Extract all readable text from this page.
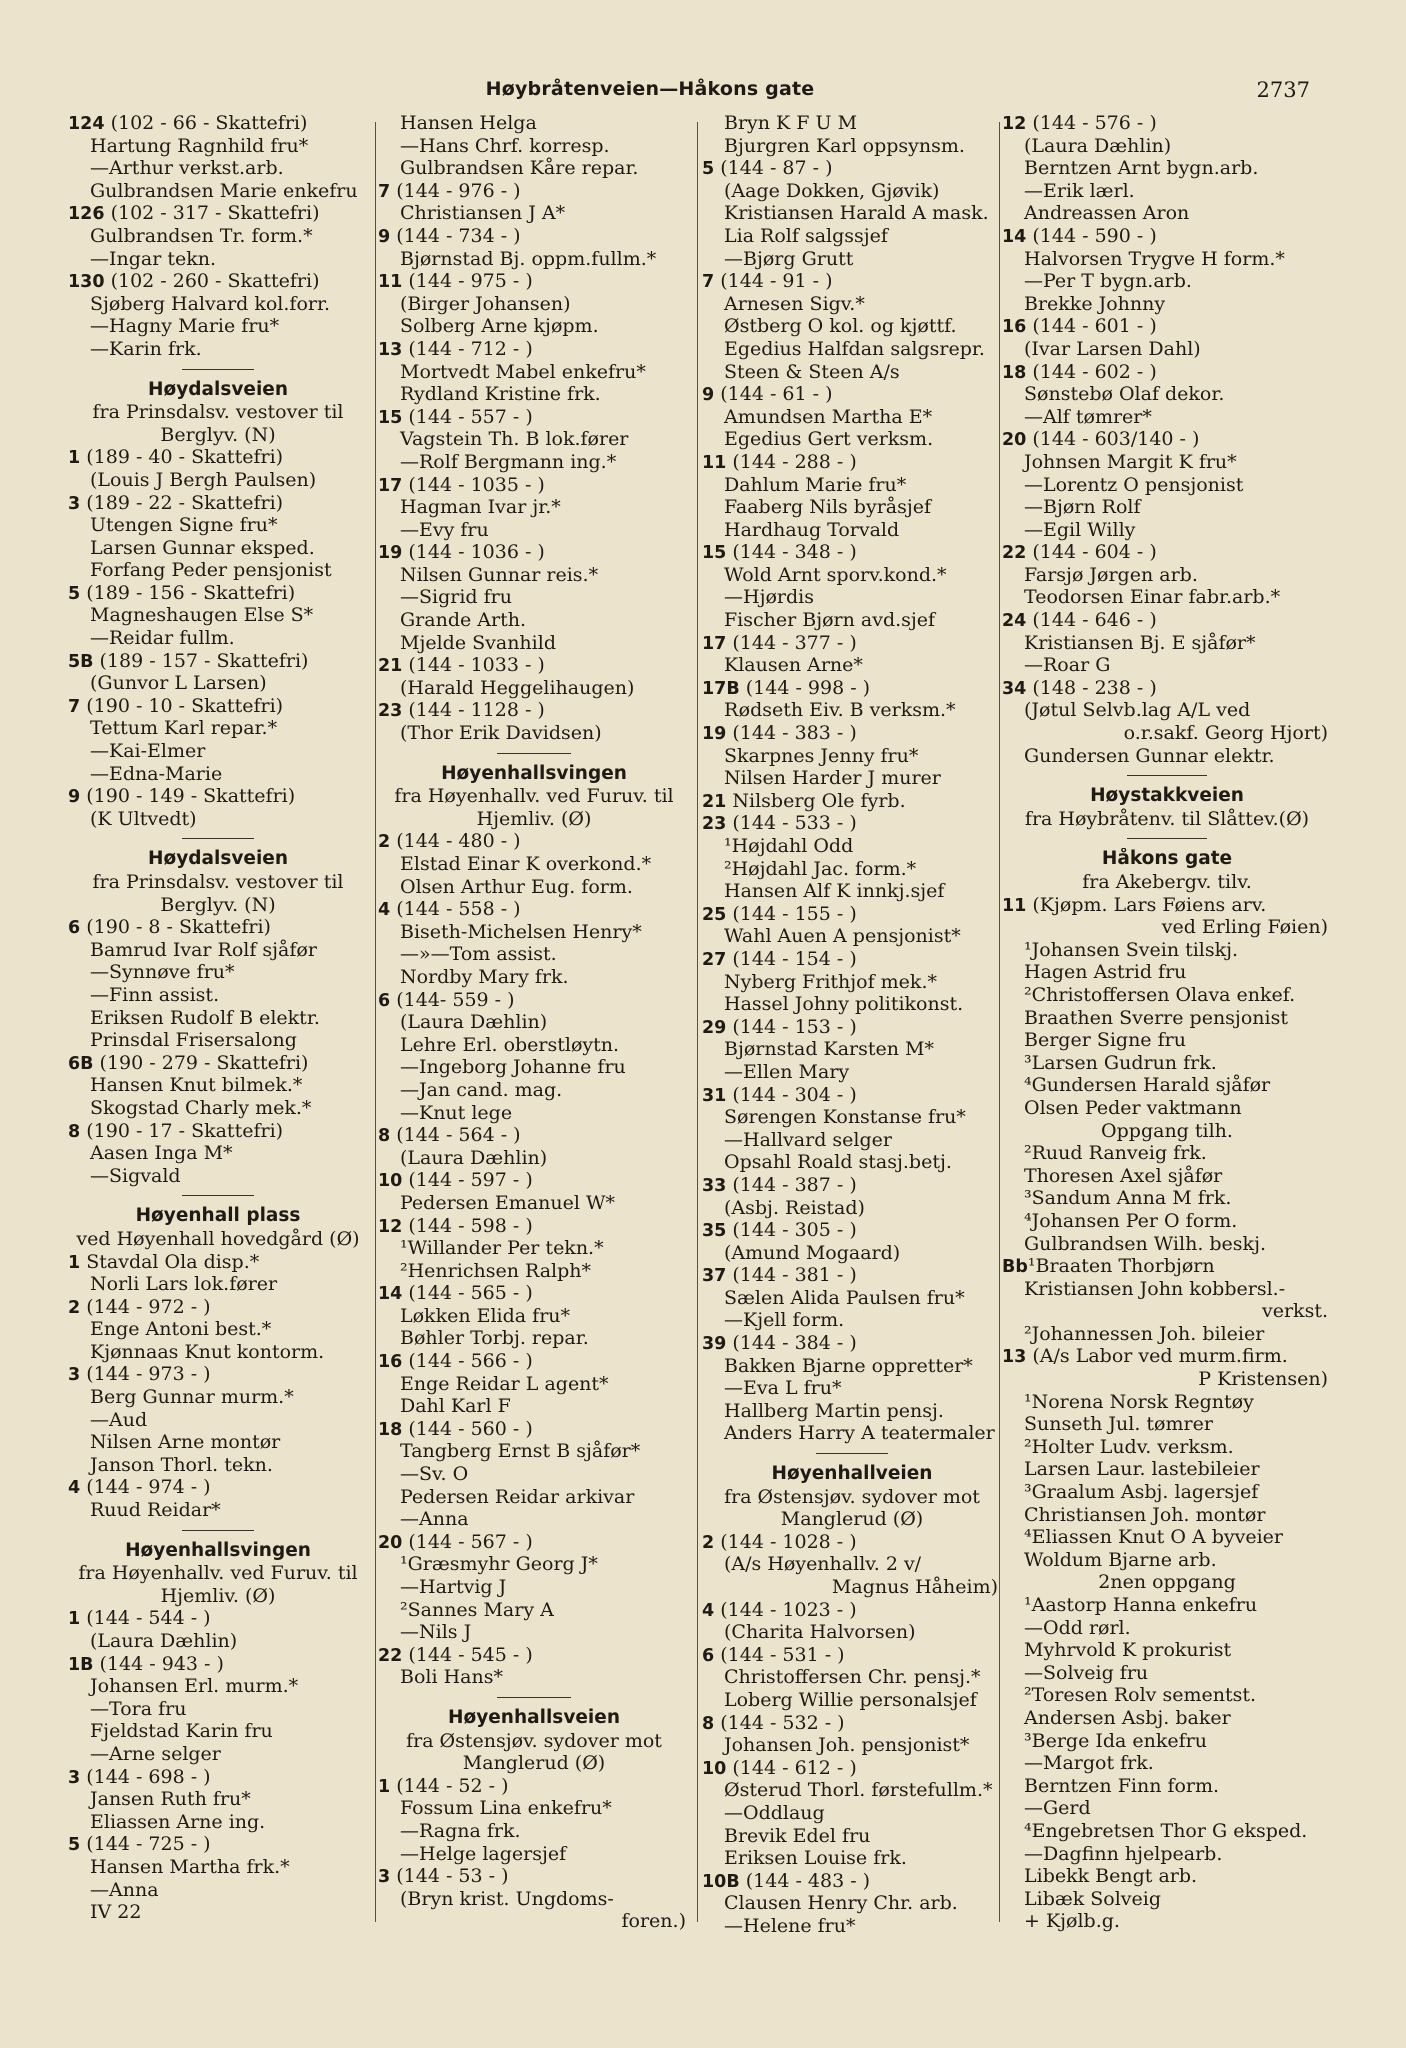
Høybråtenveien—Håkons gate	2737
124 (102 - 66 - Skattefri)
Hartung Ragnhild fru*
—Arthur verkst.arb.
Gulbrandsen Marie enkefru
126 (102 - 317 - Skattefri)
Gulbrandsen Tr. form.*
—Ingar tekn.
130 (102 - 260 - Skattefri)
Sjøberg Halvard kol.forr.
—Hagny Marie fru*
—Karin frk.
Høydalsveien
fra Prinsdalsv. vestover til
Berglyv. (N)
1 (189 - 40 - Skattefri)
(Louis J Bergh Paulsen)
3 (189 - 22 - Skattefri)
Utengen Signe fru*
Larsen Gunnar eksped.
Forfang Peder pensjonist
5 (189 - 156 - Skattefri)
Magneshaugen Else S*
—Reidar fullm.
5B (189 - 157 - Skattefri)
(Gunvor L Larsen)
7 (190 - 10 - Skattefri)
Tettum Karl repar.*
—Kai-Elmer
—Edna-Marie
9 (190 - 149 - Skattefri)
(K Ultvedt)
Høydalsveien
fra Prinsdalsv. vestover til
Berglyv. (N)
6 (190 - 8 - Skattefri)
Bamrud Ivar Rolf sjåfør
—Synnøve fru*
—Finn assist.
Eriksen Rudolf B elektr.
Prinsdal Frisersalong
6B (190 - 279 - Skattefri)
Hansen Knut bilmek.*
Skogstad Charly mek.*
8 (190 - 17 - Skattefri)
Aasen Inga M*
—Sigvald
Høyenhall plass
ved Høyenhall hovedgård (Ø)
1 Stavdal Ola disp.*
Norli Lars lok.fører
2 (144 - 972 - )
Enge Antoni best.*
Kjønnaas Knut kontorm.
3 (144 - 973 - )
Berg Gunnar murm.*
—Aud
Nilsen Arne montør
Janson Thorl. tekn.
4 (144 - 974 - )
Ruud Reidar*
Høyenhallsvingen
fra Høyenhallv. ved Furuv. til
Hjemliv. (Ø)
1 (144 - 544 - )
(Laura Dæhlin)
1B (144 - 943 - )
Johansen Erl. murm.*
—Tora fru
Fjeldstad Karin fru
—Arne selger
3 (144 - 698 - )
Jansen Ruth fru*
Eliassen Arne ing.
5 (144 - 725 - )
Hansen Martha frk.*
—Anna
IV 22
Hansen Helga
—Hans Chrf. korresp.
Gulbrandsen Kåre repar.
7 (144 - 976 - )
Christiansen J A*
9 (144 - 734 - )
Bjørnstad Bj. oppm.fullm.*
11 (144 - 975 - )
(Birger Johansen)
Solberg Arne kjøpm.
13 (144 - 712 - )
Mortvedt Mabel enkefru*
Rydland Kristine frk.
15 (144 - 557 - )
Vagstein Th. B lok.fører
—Rolf Bergmann ing.*
17 (144 - 1035 - )
Hagman Ivar jr.*
—Evy fru
19 (144 - 1036 - )
Nilsen Gunnar reis.*
—Sigrid fru
Grande Arth.
Mjelde Svanhild
21 (144 - 1033 - )
(Harald Heggelihaugen)
23 (144 - 1128 - )
(Thor Erik Davidsen)
Høyenhallsvingen
fra Høyenhallv. ved Furuv. til
Hjemliv. (Ø)
2 (144 - 480 - )
Elstad Einar K overkond.*
Olsen Arthur Eug. form.
4 (144 - 558 - )
Biseth-Michelsen Henry*
—»—Tom assist.
Nordby Mary frk.
6 (144- 559 - )
(Laura Dæhlin)
Lehre Erl. oberstløytn.
—Ingeborg Johanne fru
—Jan cand. mag.
—Knut lege
8 (144 - 564 - )
(Laura Dæhlin)
10 (144 - 597 - )
Pedersen Emanuel W*
12 (144 - 598 - )
¹Willander Per tekn.*
²Henrichsen Ralph*
14 (144 - 565 - )
Løkken Elida fru*
Bøhler Torbj. repar.
16 (144 - 566 - )
Enge Reidar L agent*
Dahl Karl F
18 (144 - 560 - )
Tangberg Ernst B sjåfør*
—Sv. O
Pedersen Reidar arkivar
—Anna
20 (144 - 567 - )
¹Græsmyhr Georg J*
—Hartvig J
²Sannes Mary A
—Nils J
22 (144 - 545 - )
Boli Hans*
Høyenhallsveien
fra Østensjøv. sydover mot
Manglerud (Ø)
1 (144 - 52 - )
Fossum Lina enkefru*
—Ragna frk.
—Helge lagersjef
3 (144 - 53 - )
(Bryn krist. Ungdoms-
foren.)
Bryn K F U M
Bjurgren Karl oppsynsm.
5 (144 - 87 - )
(Aage Dokken, Gjøvik)
Kristiansen Harald A mask.
Lia Rolf salgssjef
—Bjørg Grutt
7 (144 - 91 - )
Arnesen Sigv.*
Østberg O kol. og kjøttf.
Egedius Halfdan salgsrepr.
Steen & Steen A/s
9 (144 - 61 - )
Amundsen Martha E*
Egedius Gert verksm.
11 (144 - 288 - )
Dahlum Marie fru*
Faaberg Nils byråsjef
Hardhaug Torvald
15 (144 - 348 - )
Wold Arnt sporv.kond.*
—Hjørdis
Fischer Bjørn avd.sjef
17 (144 - 377 - )
Klausen Arne*
17B (144 - 998 - )
Rødseth Eiv. B verksm.*
19 (144 - 383 - )
Skarpnes Jenny fru*
Nilsen Harder J murer
21 Nilsberg Ole fyrb.
23 (144 - 533 - )
¹Højdahl Odd
²Højdahl Jac. form.*
Hansen Alf K innkj.sjef
25 (144 - 155 - )
Wahl Auen A pensjonist*
27 (144 - 154 - )
Nyberg Frithjof mek.*
Hassel Johny politikonst.
29 (144 - 153 - )
Bjørnstad Karsten M*
—Ellen Mary
31 (144 - 304 - )
Sørengen Konstanse fru*
—Hallvard selger
Opsahl Roald stasj.betj.
33 (144 - 387 - )
(Asbj. Reistad)
35 (144 - 305 - )
(Amund Mogaard)
37 (144 - 381 - )
Sælen Alida Paulsen fru*
—Kjell form.
39 (144 - 384 - )
Bakken Bjarne oppretter*
—Eva L fru*
Hallberg Martin pensj.
Anders Harry A teatermaler
Høyenhallveien
fra Østensjøv. sydover mot
Manglerud (Ø)
2 (144 - 1028 - )
(A/s Høyenhallv. 2 v/
Magnus Håheim)
4 (144 - 1023 - )
(Charita Halvorsen)
6 (144 - 531 - )
Christoffersen Chr. pensj.*
Loberg Willie personalsjef
8 (144 - 532 - )
Johansen Joh. pensjonist*
10 (144 - 612 - )
Østerud Thorl. førstefullm.*
—Oddlaug
Brevik Edel fru
Eriksen Louise frk.
10B (144 - 483 - )
Clausen Henry Chr. arb.
—Helene fru*
12 (144 - 576 - )
(Laura Dæhlin)
Berntzen Arnt bygn.arb.
—Erik lærl.
Andreassen Aron
14 (144 - 590 - )
Halvorsen Trygve H form.*
—Per T bygn.arb.
Brekke Johnny
16 (144 - 601 - )
(Ivar Larsen Dahl)
18 (144 - 602 - )
Sønstebø Olaf dekor.
—Alf tømrer*
20 (144 - 603/140 - )
Johnsen Margit K fru*
—Lorentz O pensjonist
—Bjørn Rolf
—Egil Willy
22 (144 - 604 - )
Farsjø Jørgen arb.
Teodorsen Einar fabr.arb.*
24 (144 - 646 - )
Kristiansen Bj. E sjåfør*
—Roar G
34 (148 - 238 - )
(Jøtul Selvb.lag A/L ved
o.r.sakf. Georg Hjort)
Gundersen Gunnar elektr.
Høystakkveien
fra Høybråtenv. til Slåttev.(Ø)
Håkons gate
fra Akebergv. tilv.
11 (Kjøpm. Lars Føiens arv.
ved Erling Føien)
¹Johansen Svein tilskj.
Hagen Astrid fru
²Christoffersen Olava enkef.
Braathen Sverre pensjonist
Berger Signe fru
³Larsen Gudrun frk.
⁴Gundersen Harald sjåfør
Olsen Peder vaktmann
Oppgang tilh.
²Ruud Ranveig frk.
Thoresen Axel sjåfør
³Sandum Anna M frk.
⁴Johansen Per O form.
Gulbrandsen Wilh. beskj.
Bb¹Braaten Thorbjørn
Kristiansen John kobbersl.-
verkst.
²Johannessen Joh. bileier
13 (A/s Labor ved murm.firm.
P Kristensen)
¹Norena Norsk Regntøy
Sunseth Jul. tømrer
²Holter Ludv. verksm.
Larsen Laur. lastebileier
³Graalum Asbj. lagersjef
Christiansen Joh. montør
⁴Eliassen Knut O A byveier
Woldum Bjarne arb.
2nen oppgang
¹Aastorp Hanna enkefru
—Odd rørl.
Myhrvold K prokurist
—Solveig fru
²Toresen Rolv sementst.
Andersen Asbj. baker
³Berge Ida enkefru
—Margot frk.
Berntzen Finn form.
—Gerd
⁴Engebretsen Thor G eksped.
—Dagfinn hjelpearb.
Libekk Bengt arb.
Libæk Solveig
+ Kjølb.g.
